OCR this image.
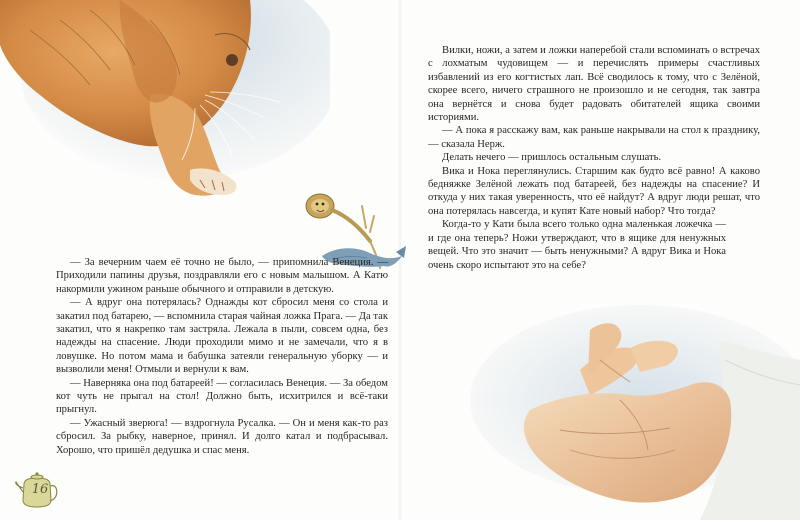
— За вечерним чаем её точно не было, — припомнила Венеция. — Приходили папины друзья, поздравляли его с новым малышом. А Катю накормили ужином раньше обычного и отправили в детскую.

— А вдруг она потерялась? Однажды кот сбросил меня со стола и закатил под батарею, — вспомнила старая чайная ложка Прага. — Да так закатил, что я накрепко там застряла. Лежала в пыли, совсем одна, без надежды на спасение. Люди проходили мимо и не замечали, что я в ловушке. Но потом мама и бабушка затеяли генеральную уборку — и вызволили меня! Отмыли и вернули к вам.

— Наверняка она под батареей! — согласилась Венеция. — За обедом кот чуть не прыгал на стол! Должно быть, исхитрился и всё-таки прыгнул.

— Ужасный зверюга! — вздрогнула Русалка. — Он и меня как-то раз сбросил. За рыбку, наверное, принял. И долго катал и подбрасывал. Хорошо, что пришёл дедушка и спас меня.

Вилки, ножи, а затем и ложки наперебой стали вспоминать о встречах с лохматым чудовищем — и перечислять примеры счастливых избавлений из его когтистых лап. Всё сводилось к тому, что с Зелёной, скорее всего, ничего страшного не произошло и не сегодня, так завтра она вернётся и снова будет радовать обитателей ящика своими историями.

— А пока я расскажу вам, как раньше накрывали на стол к празднику, — сказала Нерж.

Делать нечего — пришлось остальным слушать.

Вика и Нока переглянулись. Старшим как будто всё равно! А каково бедняжке Зелёной лежать под батареей, без надежды на спасение? И откуда у них такая уверенность, что её найдут? А вдруг люди решат, что она потерялась навсегда, и купят Кате новый набор? Что тогда?

Когда-то у Кати была всего только одна маленькая ложечка — и где она теперь? Ножи утверждают, что в ящике для ненужных вещей. Что это значит — быть ненужными? А вдруг Вика и Нока очень скоро испытают это на себе?

16
